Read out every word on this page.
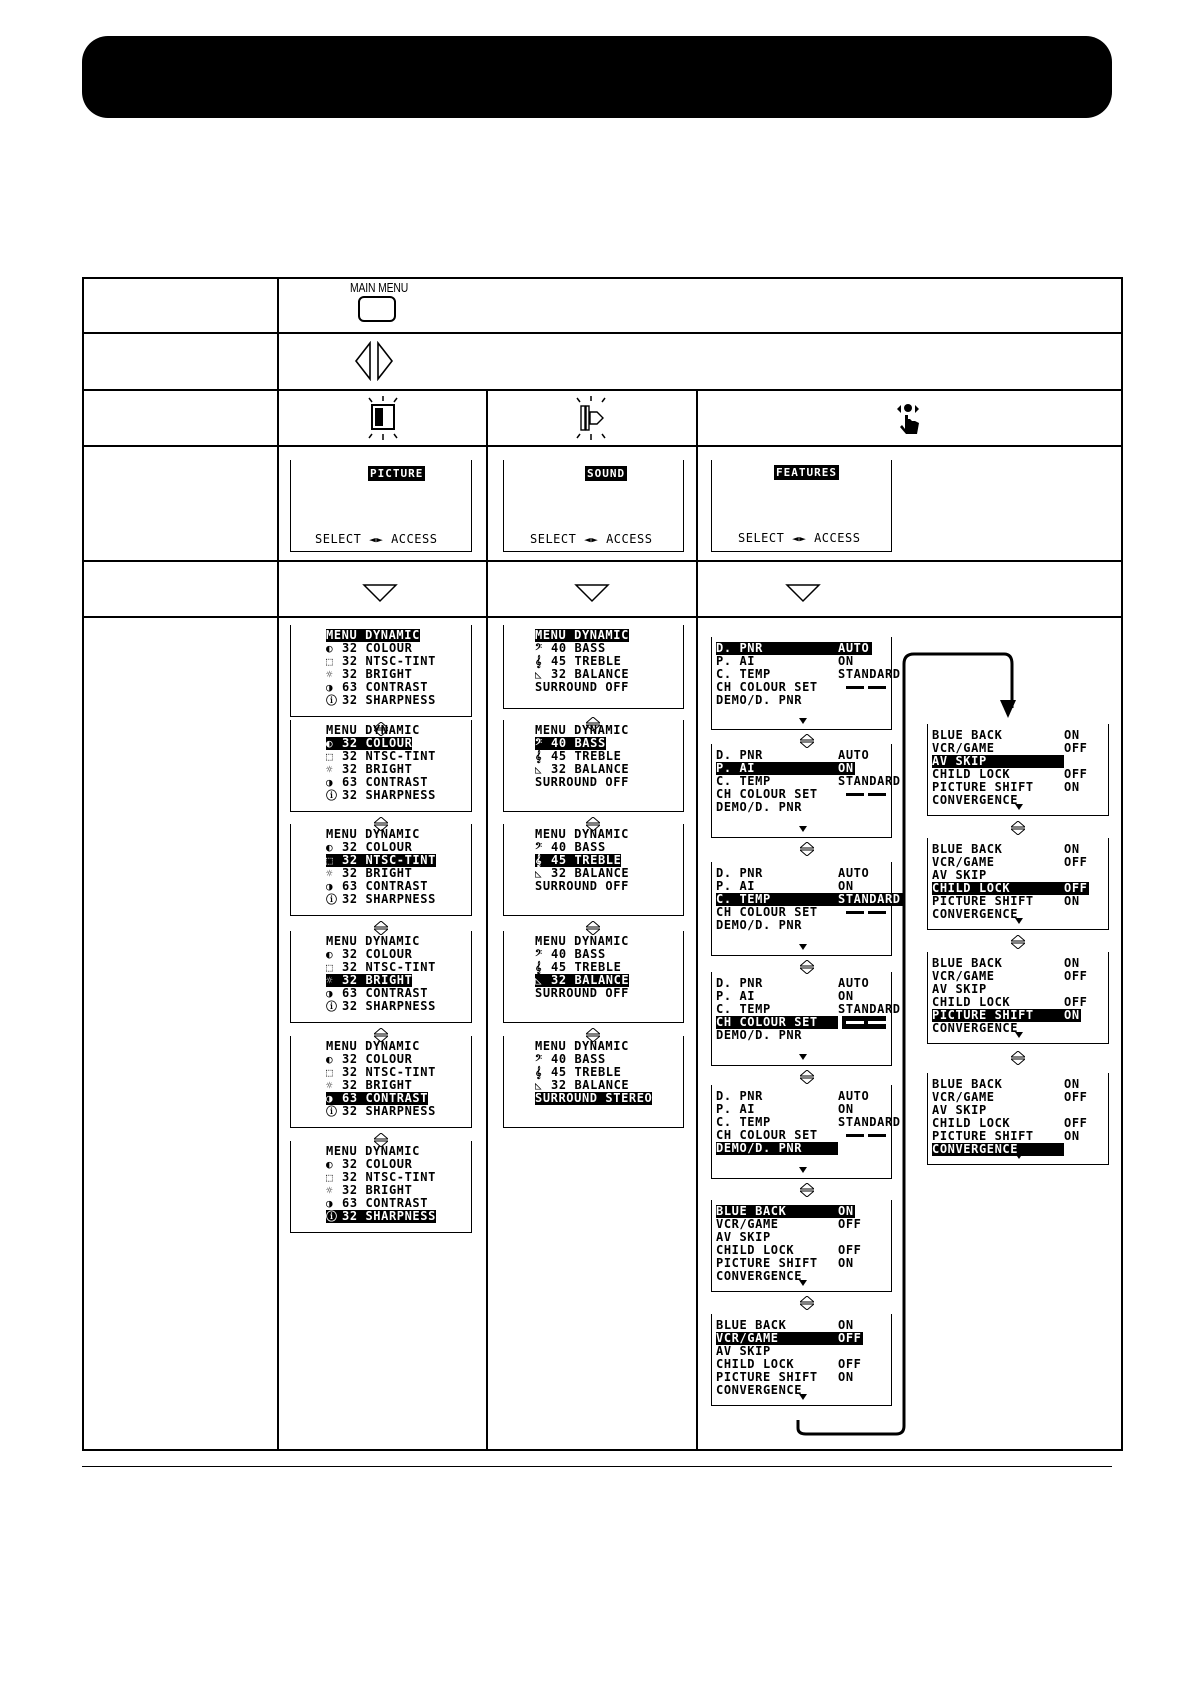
MAIN MENU
PICTURE
SELECT ◄► ACCESS
SOUND
SELECT ◄► ACCESS
FEATURES
SELECT ◄► ACCESS
MENU DYNAMIC
◐ 32 COLOUR
⬚ 32 NTSC-TINT
☼ 32 BRIGHT
◑ 63 CONTRAST
ⓘ 32 SHARPNESS
MENU DYNAMIC
◐ 32 COLOUR
⬚ 32 NTSC-TINT
☼ 32 BRIGHT
◑ 63 CONTRAST
ⓘ 32 SHARPNESS
MENU DYNAMIC
◐ 32 COLOUR
⬚ 32 NTSC-TINT
☼ 32 BRIGHT
◑ 63 CONTRAST
ⓘ 32 SHARPNESS
MENU DYNAMIC
◐ 32 COLOUR
⬚ 32 NTSC-TINT
☼ 32 BRIGHT
◑ 63 CONTRAST
ⓘ 32 SHARPNESS
MENU DYNAMIC
◐ 32 COLOUR
⬚ 32 NTSC-TINT
☼ 32 BRIGHT
◑ 63 CONTRAST
ⓘ 32 SHARPNESS
MENU DYNAMIC
◐ 32 COLOUR
⬚ 32 NTSC-TINT
☼ 32 BRIGHT
◑ 63 CONTRAST
ⓘ 32 SHARPNESS
MENU DYNAMIC
𝄢 40 BASS
𝄞 45 TREBLE
◺ 32 BALANCE
SURROUND OFF
MENU DYNAMIC
𝄢 40 BASS
𝄞 45 TREBLE
◺ 32 BALANCE
SURROUND OFF
MENU DYNAMIC
𝄢 40 BASS
𝄞 45 TREBLE
◺ 32 BALANCE
SURROUND OFF
MENU DYNAMIC
𝄢 40 BASS
𝄞 45 TREBLE
◺ 32 BALANCE
SURROUND OFF
MENU DYNAMIC
𝄢 40 BASS
𝄞 45 TREBLE
◺ 32 BALANCE
SURROUND STEREO
D. PNR	AUTO
P. AI	ON
C. TEMP	STANDARD
CH COLOUR SET
DEMO/D. PNR
D. PNR	AUTO
P. AI	ON
C. TEMP	STANDARD
CH COLOUR SET
DEMO/D. PNR
D. PNR	AUTO
P. AI	ON
C. TEMP	STANDARD
CH COLOUR SET
DEMO/D. PNR
D. PNR	AUTO
P. AI	ON
C. TEMP	STANDARD
CH COLOUR SET
DEMO/D. PNR
D. PNR	AUTO
P. AI	ON
C. TEMP	STANDARD
CH COLOUR SET
DEMO/D. PNR
BLUE BACK	ON
VCR/GAME	OFF
AV SKIP
CHILD LOCK	OFF
PICTURE SHIFT ON
CONVERGENCE
BLUE BACK	ON
VCR/GAME	OFF
AV SKIP
CHILD LOCK	OFF
PICTURE SHIFT ON
CONVERGENCE
BLUE BACK	ON
VCR/GAME	OFF
AV SKIP
CHILD LOCK	OFF
PICTURE SHIFT	ON
CONVERGENCE
BLUE BACK	ON
VCR/GAME	OFF
AV SKIP
CHILD LOCK	OFF
PICTURE SHIFT	ON
CONVERGENCE
BLUE BACK	ON
VCR/GAME	OFF
AV SKIP
CHILD LOCK	OFF
PICTURE SHIFT	ON
CONVERGENCE
BLUE BACK	ON
VCR/GAME	OFF
AV SKIP
CHILD LOCK	OFF
PICTURE SHIFT	ON
CONVERGENCE
